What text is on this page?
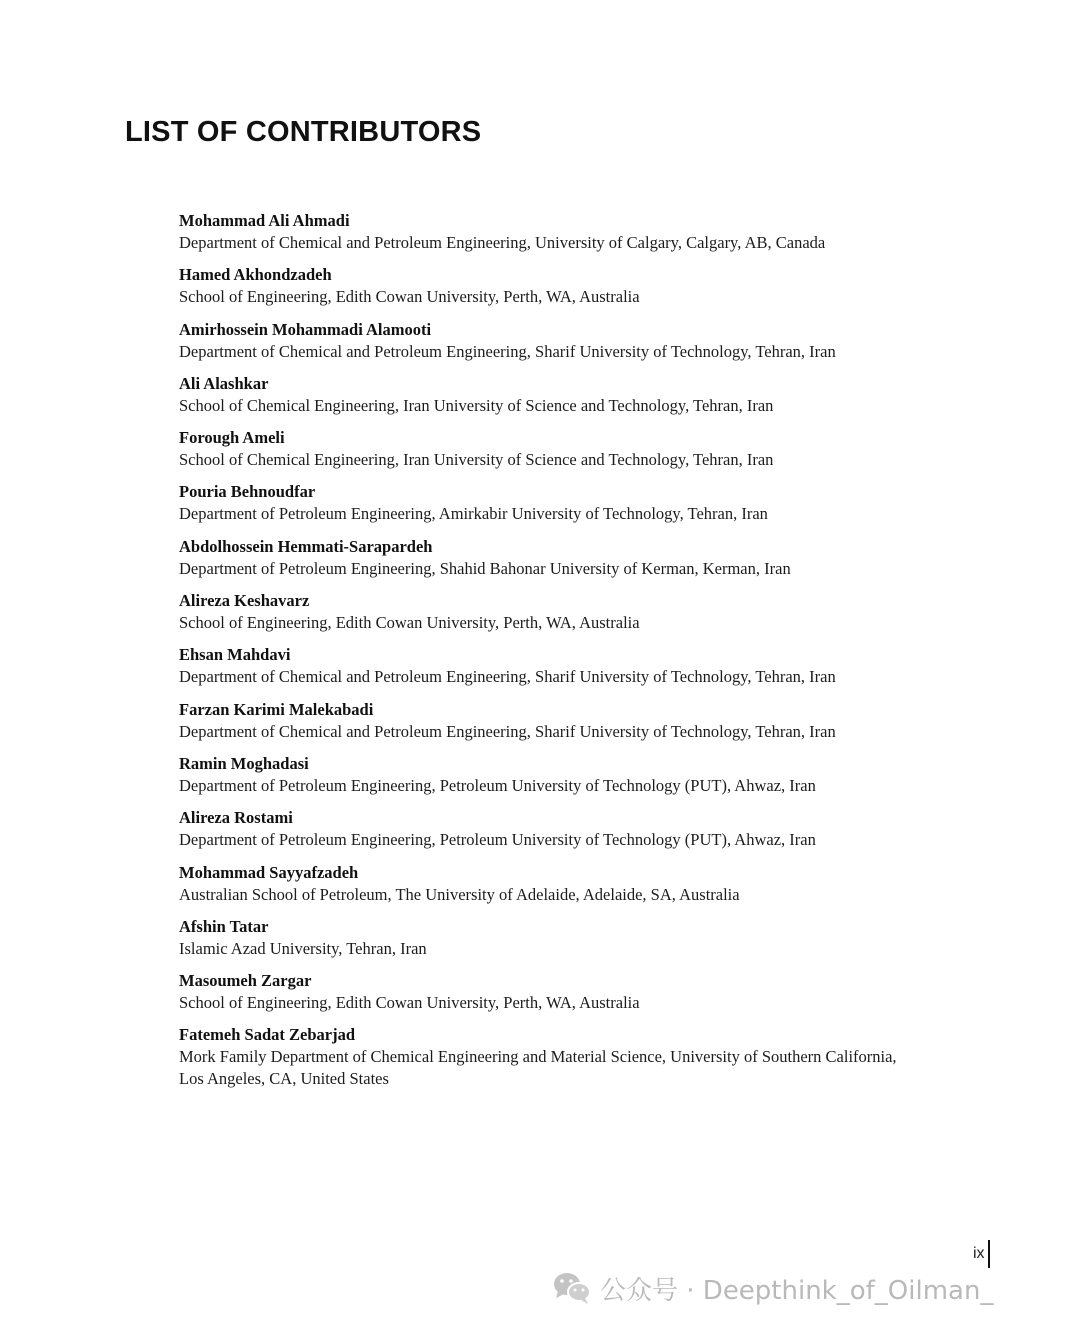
LIST OF CONTRIBUTORS
Mohammad Ali Ahmadi
Department of Chemical and Petroleum Engineering, University of Calgary, Calgary, AB, Canada
Hamed Akhondzadeh
School of Engineering, Edith Cowan University, Perth, WA, Australia
Amirhossein Mohammadi Alamooti
Department of Chemical and Petroleum Engineering, Sharif University of Technology, Tehran, Iran
Ali Alashkar
School of Chemical Engineering, Iran University of Science and Technology, Tehran, Iran
Forough Ameli
School of Chemical Engineering, Iran University of Science and Technology, Tehran, Iran
Pouria Behnoudfar
Department of Petroleum Engineering, Amirkabir University of Technology, Tehran, Iran
Abdolhossein Hemmati-Sarapardeh
Department of Petroleum Engineering, Shahid Bahonar University of Kerman, Kerman, Iran
Alireza Keshavarz
School of Engineering, Edith Cowan University, Perth, WA, Australia
Ehsan Mahdavi
Department of Chemical and Petroleum Engineering, Sharif University of Technology, Tehran, Iran
Farzan Karimi Malekabadi
Department of Chemical and Petroleum Engineering, Sharif University of Technology, Tehran, Iran
Ramin Moghadasi
Department of Petroleum Engineering, Petroleum University of Technology (PUT), Ahwaz, Iran
Alireza Rostami
Department of Petroleum Engineering, Petroleum University of Technology (PUT), Ahwaz, Iran
Mohammad Sayyafzadeh
Australian School of Petroleum, The University of Adelaide, Adelaide, SA, Australia
Afshin Tatar
Islamic Azad University, Tehran, Iran
Masoumeh Zargar
School of Engineering, Edith Cowan University, Perth, WA, Australia
Fatemeh Sadat Zebarjad
Mork Family Department of Chemical Engineering and Material Science, University of Southern California, Los Angeles, CA, United States
ix
公众号 · Deepthink_of_Oilman_
